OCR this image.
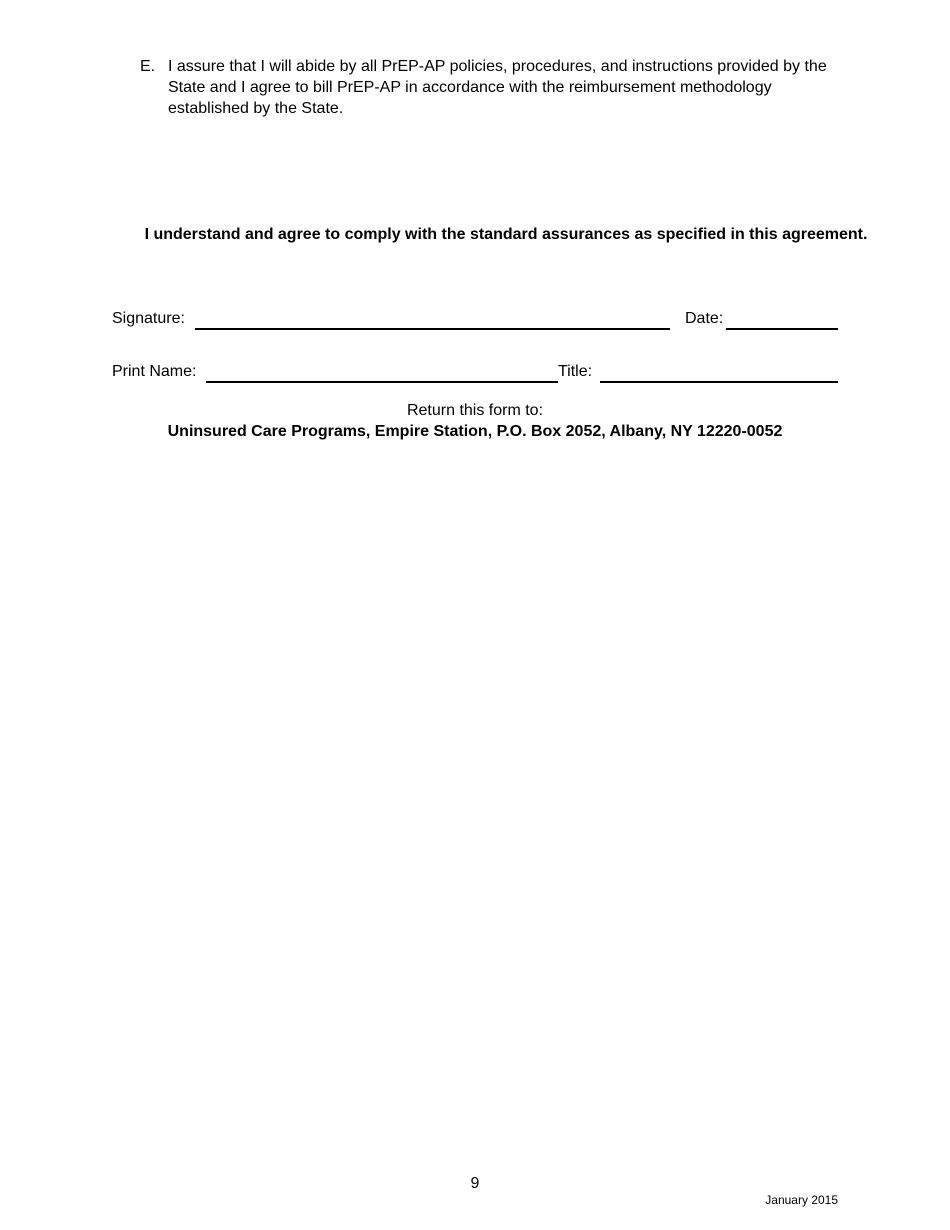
E. I assure that I will abide by all PrEP-AP policies, procedures, and instructions provided by the State and I agree to bill PrEP-AP in accordance with the reimbursement methodology established by the State.
I understand and agree to comply with the standard assurances as specified in this agreement.
Signature:	Date:
Print Name:	Title:
Return this form to:
Uninsured Care Programs, Empire Station, P.O. Box 2052, Albany, NY 12220-0052
9
January 2015
